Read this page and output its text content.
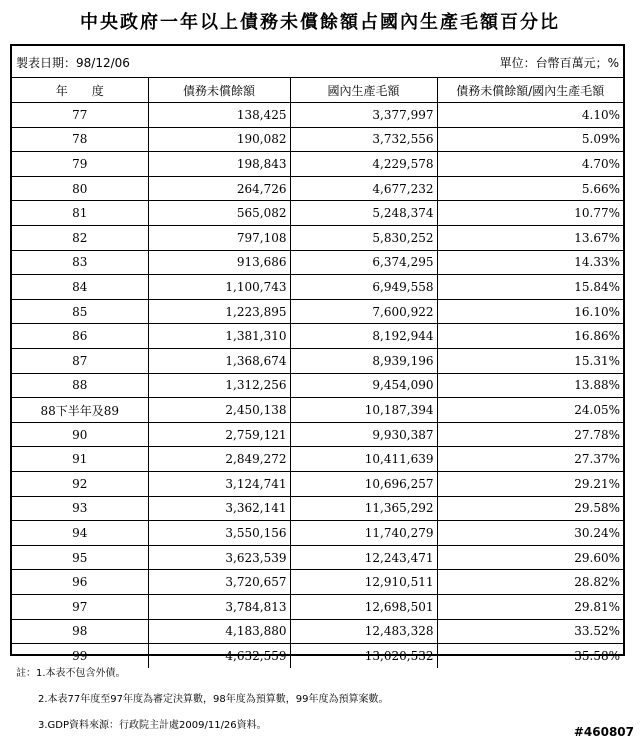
中央政府一年以上債務未償餘額占國內生產毛額百分比
製表日期：98/12/06	單位：台幣百萬元；%
年　　度	債務未償餘額	國內生產毛額	債務未償餘額/國內生產毛額
77	138,425	3,377,997	4.10%
78	190,082	3,732,556	5.09%
79	198,843	4,229,578	4.70%
80	264,726	4,677,232	5.66%
81	565,082	5,248,374	10.77%
82	797,108	5,830,252	13.67%
83	913,686	6,374,295	14.33%
84	1,100,743	6,949,558	15.84%
85	1,223,895	7,600,922	16.10%
86	1,381,310	8,192,944	16.86%
87	1,368,674	8,939,196	15.31%
88	1,312,256	9,454,090	13.88%
88下半年及89	2,450,138	10,187,394	24.05%
90	2,759,121	9,930,387	27.78%
91	2,849,272	10,411,639	27.37%
92	3,124,741	10,696,257	29.21%
93	3,362,141	11,365,292	29.58%
94	3,550,156	11,740,279	30.24%
95	3,623,539	12,243,471	29.60%
96	3,720,657	12,910,511	28.82%
97	3,784,813	12,698,501	29.81%
98	4,183,880	12,483,328	33.52%
99	4,632,559	13,020,532	35.58%
註：1.本表不包含外債。
2.本表77年度至97年度為審定決算數，98年度為預算數，99年度為預算案數。
3.GDP資料來源：行政院主計處2009/11/26資料。	#460807
